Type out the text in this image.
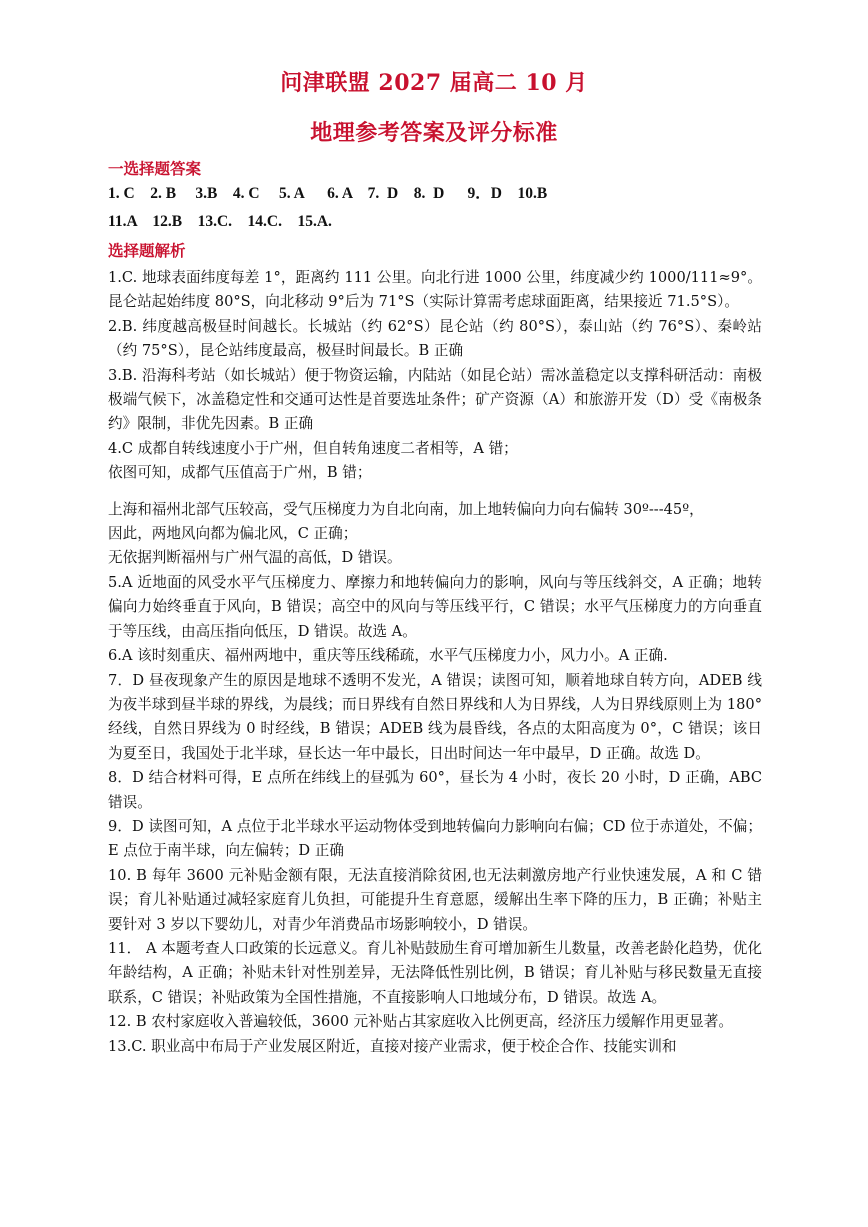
问津联盟 2027 届高二 10 月
地理参考答案及评分标准
一选择题答案
1. C    2. B     3.B    4. C     5. A      6. A    7.  D    8.  D      9．D    10.B
11.A    12.B    13.C.    14.C.    15.A.
选择题解析

1.C. 地球表面纬度每差 1°，距离约 111 公里。向北行进 1000 公里，纬度减少约 1000/111≈9°。昆仑站起始纬度 80°S，向北移动 9°后为 71°S（实际计算需考虑球面距离，结果接近 71.5°S）。

2.B. 纬度越高极昼时间越长。长城站（约 62°S）昆仑站（约 80°S），泰山站（约 76°S）、秦岭站（约 75°S），昆仑站纬度最高，极昼时间最长。B 正确

3.B. 沿海科考站（如长城站）便于物资运输，内陆站（如昆仑站）需冰盖稳定以支撑科研活动：南极极端气候下，冰盖稳定性和交通可达性是首要选址条件；矿产资源（A）和旅游开发（D）受《南极条约》限制，非优先因素。B 正确

4.C 成都自转线速度小于广州，但自转角速度二者相等，A 错；

依图可知，成都气压值高于广州，B 错；

上海和福州北部气压较高，受气压梯度力为自北向南，加上地转偏向力向右偏转 30º---45º，

因此，两地风向都为偏北风，C 正确；

无依据判断福州与广州气温的高低，D 错误。

5.A 近地面的风受水平气压梯度力、摩擦力和地转偏向力的影响，风向与等压线斜交，A 正确；地转偏向力始终垂直于风向，B 错误；高空中的风向与等压线平行，C 错误；水平气压梯度力的方向垂直于等压线，由高压指向低压，D 错误。故选 A。

6.A 该时刻重庆、福州两地中，重庆等压线稀疏，水平气压梯度力小，风力小。A 正确.

7．D 昼夜现象产生的原因是地球不透明不发光，A 错误；读图可知，顺着地球自转方向，ADEB 线为夜半球到昼半球的界线，为晨线；而日界线有自然日界线和人为日界线，人为日界线原则上为 180°经线，自然日界线为 0 时经线，B 错误；ADEB 线为晨昏线，各点的太阳高度为 0°，C 错误；该日为夏至日，我国处于北半球，昼长达一年中最长，日出时间达一年中最早，D 正确。故选 D。

8．D 结合材料可得，E 点所在纬线上的昼弧为 60°，昼长为 4 小时，夜长 20 小时，D 正确，ABC 错误。

9．D 读图可知，A 点位于北半球水平运动物体受到地转偏向力影响向右偏；CD 位于赤道处，不偏；E 点位于南半球，向左偏转；D 正确

10. B 每年 3600 元补贴金额有限，无法直接消除贫困,也无法刺激房地产行业快速发展，A 和 C 错误；育儿补贴通过减轻家庭育儿负担，可能提升生育意愿，缓解出生率下降的压力，B 正确；补贴主要针对 3 岁以下婴幼儿，对青少年消费品市场影响较小，D 错误。

11． A 本题考查人口政策的长远意义。育儿补贴鼓励生育可增加新生儿数量，改善老龄化趋势，优化年龄结构，A 正确；补贴未针对性别差异，无法降低性别比例，B 错误；育儿补贴与移民数量无直接联系，C 错误；补贴政策为全国性措施，不直接影响人口地域分布，D 错误。故选 A。

12. B 农村家庭收入普遍较低，3600 元补贴占其家庭收入比例更高，经济压力缓解作用更显著。

13.C. 职业高中布局于产业发展区附近，直接对接产业需求，便于校企合作、技能实训和
